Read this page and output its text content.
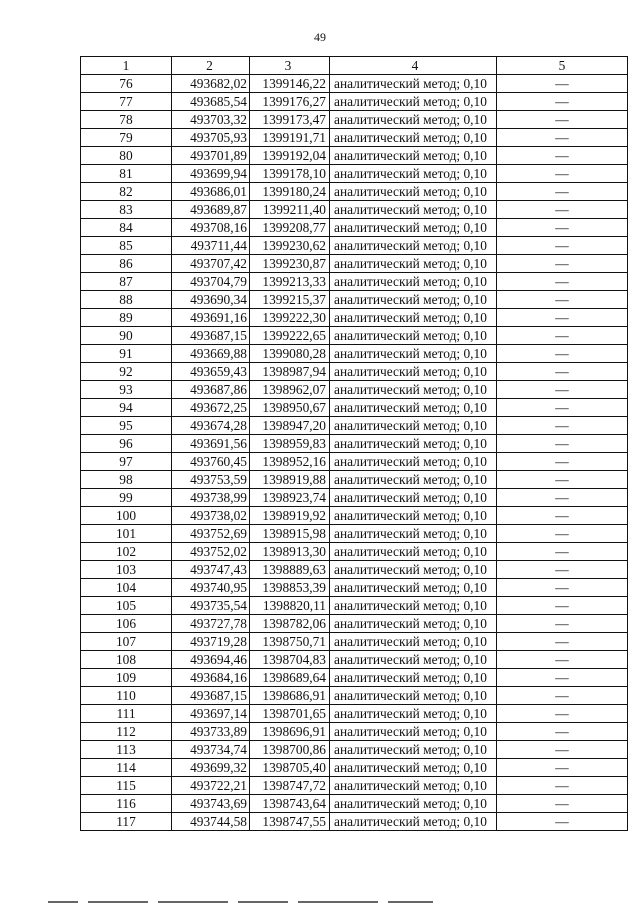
49
1	2	3	4	5
76	493682,02	1399146,22	аналитический метод; 0,10	—
77	493685,54	1399176,27	аналитический метод; 0,10	—
78	493703,32	1399173,47	аналитический метод; 0,10	—
79	493705,93	1399191,71	аналитический метод; 0,10	—
80	493701,89	1399192,04	аналитический метод; 0,10	—
81	493699,94	1399178,10	аналитический метод; 0,10	—
82	493686,01	1399180,24	аналитический метод; 0,10	—
83	493689,87	1399211,40	аналитический метод; 0,10	—
84	493708,16	1399208,77	аналитический метод; 0,10	—
85	493711,44	1399230,62	аналитический метод; 0,10	—
86	493707,42	1399230,87	аналитический метод; 0,10	—
87	493704,79	1399213,33	аналитический метод; 0,10	—
88	493690,34	1399215,37	аналитический метод; 0,10	—
89	493691,16	1399222,30	аналитический метод; 0,10	—
90	493687,15	1399222,65	аналитический метод; 0,10	—
91	493669,88	1399080,28	аналитический метод; 0,10	—
92	493659,43	1398987,94	аналитический метод; 0,10	—
93	493687,86	1398962,07	аналитический метод; 0,10	—
94	493672,25	1398950,67	аналитический метод; 0,10	—
95	493674,28	1398947,20	аналитический метод; 0,10	—
96	493691,56	1398959,83	аналитический метод; 0,10	—
97	493760,45	1398952,16	аналитический метод; 0,10	—
98	493753,59	1398919,88	аналитический метод; 0,10	—
99	493738,99	1398923,74	аналитический метод; 0,10	—
100	493738,02	1398919,92	аналитический метод; 0,10	—
101	493752,69	1398915,98	аналитический метод; 0,10	—
102	493752,02	1398913,30	аналитический метод; 0,10	—
103	493747,43	1398889,63	аналитический метод; 0,10	—
104	493740,95	1398853,39	аналитический метод; 0,10	—
105	493735,54	1398820,11	аналитический метод; 0,10	—
106	493727,78	1398782,06	аналитический метод; 0,10	—
107	493719,28	1398750,71	аналитический метод; 0,10	—
108	493694,46	1398704,83	аналитический метод; 0,10	—
109	493684,16	1398689,64	аналитический метод; 0,10	—
110	493687,15	1398686,91	аналитический метод; 0,10	—
111	493697,14	1398701,65	аналитический метод; 0,10	—
112	493733,89	1398696,91	аналитический метод; 0,10	—
113	493734,74	1398700,86	аналитический метод; 0,10	—
114	493699,32	1398705,40	аналитический метод; 0,10	—
115	493722,21	1398747,72	аналитический метод; 0,10	—
116	493743,69	1398743,64	аналитический метод; 0,10	—
117	493744,58	1398747,55	аналитический метод; 0,10	—
